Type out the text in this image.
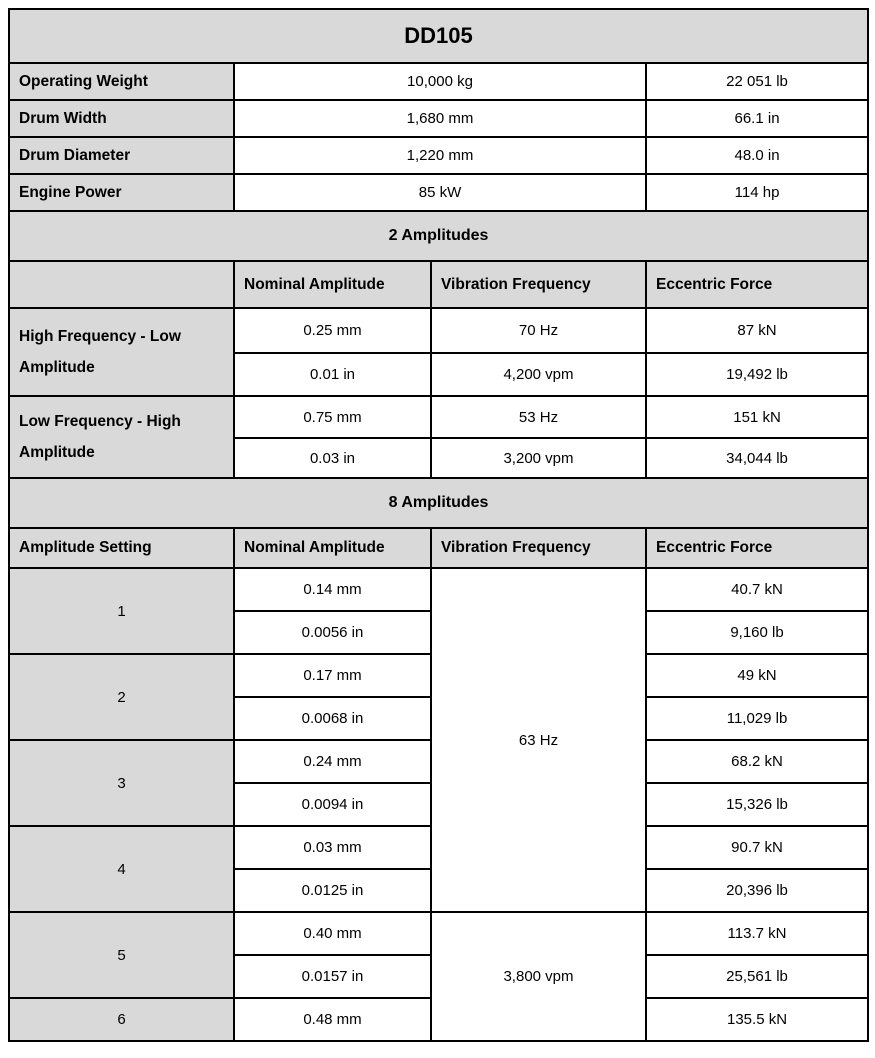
DD105			
Operating Weight	10,000 kg		22 051 lb
Drum Width	1,680 mm		66.1 in
Drum Diameter	1,220 mm		48.0 in
Engine Power	85 kW		114 hp
2 Amplitudes			
	Nominal Amplitude	Vibration Frequency	Eccentric Force
High Frequency - Low Amplitude	0.25 mm	70 Hz	87 kN
	0.01 in	4,200 vpm	19,492 lb
Low Frequency - High Amplitude	0.75 mm	53 Hz	151 kN
	0.03 in	3,200 vpm	34,044 lb
8 Amplitudes			
Amplitude Setting	Nominal Amplitude	Vibration Frequency	Eccentric Force
1	0.14 mm	63 Hz	40.7 kN
	0.0056 in		9,160 lb
2	0.17 mm		49 kN
	0.0068 in		11,029 lb
3	0.24 mm		68.2 kN
	0.0094 in		15,326 lb
4	0.03 mm		90.7 kN
	0.0125 in		20,396 lb
5	0.40 mm	3,800 vpm	113.7 kN
	0.0157 in		25,561 lb
6	0.48 mm		135.5 kN
